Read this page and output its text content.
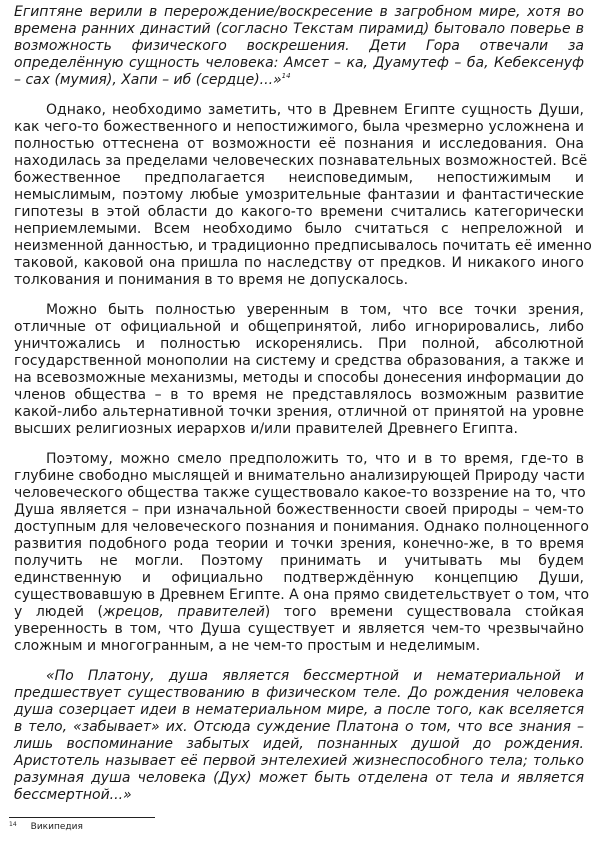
Египтяне верили в перерождение/воскресение в загробном мире, хотя во
времена ранних династий (согласно Текстам пирамид) бытовало поверье в
возможность физического воскрешения. Дети Гора отвечали за
определённую сущность человека: Амсет – ка, Дуамутеф – ба, Кебексенуф
– сах (мумия), Хапи – иб (сердце)...»$^{14}$
Однако, необходимо заметить, что в Древнем Египте сущность Души,
как чего-то божественного и непостижимого, была чрезмерно усложнена и
полностью оттеснена от возможности её познания и исследования. Она
находилась за пределами человеческих познавательных возможностей. Всё
божественное предполагается неисповедимым, непостижимым и
немыслимым, поэтому любые умозрительные фантазии и фантастические
гипотезы в этой области до какого-то времени считались категорически
неприемлемыми. Всем необходимо было считаться с непреложной и
неизменной данностью, и традиционно предписывалось почитать её именно
таковой, каковой она пришла по наследству от предков. И никакого иного
толкования и понимания в то время не допускалось.
Можно быть полностью уверенным в том, что все точки зрения,
отличные от официальной и общепринятой, либо игнорировались, либо
уничтожались и полностью искоренялись. При полной, абсолютной
государственной монополии на систему и средства образования, а также и
на всевозможные механизмы, методы и способы донесения информации до
членов общества – в то время не представлялось возможным развитие
какой-либо альтернативной точки зрения, отличной от принятой на уровне
высших религиозных иерархов и/или правителей Древнего Египта.
Поэтому, можно смело предположить то, что и в то время, где-то в
глубине свободно мыслящей и внимательно анализирующей Природу части
человеческого общества также существовало какое-то воззрение на то, что
Душа является – при изначальной божественности своей природы – чем-то
доступным для человеческого познания и понимания. Однако полноценного
развития подобного рода теории и точки зрения, конечно-же, в то время
получить не могли. Поэтому принимать и учитывать мы будем
единственную и официально подтверждённую концепцию Души,
существовавшую в Древнем Египте. А она прямо свидетельствует о том, что
у людей (жрецов, правителей) того времени существовала стойкая
уверенность в том, что Душа существует и является чем-то чрезвычайно
сложным и многогранным, а не чем-то простым и неделимым.
«По Платону, душа является бессмертной и нематериальной и
предшествует существованию в физическом теле. До рождения человека
душа созерцает идеи в нематериальном мире, а после того, как вселяется
в тело, «забывает» их. Отсюда суждение Платона о том, что все знания –
лишь воспоминание забытых идей, познанных душой до рождения.
Аристотель называет её первой энтелехией жизнеспособного тела; только
разумная душа человека (Дух) может быть отделена от тела и является
бессмертной...»
$^{14}$ Википедия
